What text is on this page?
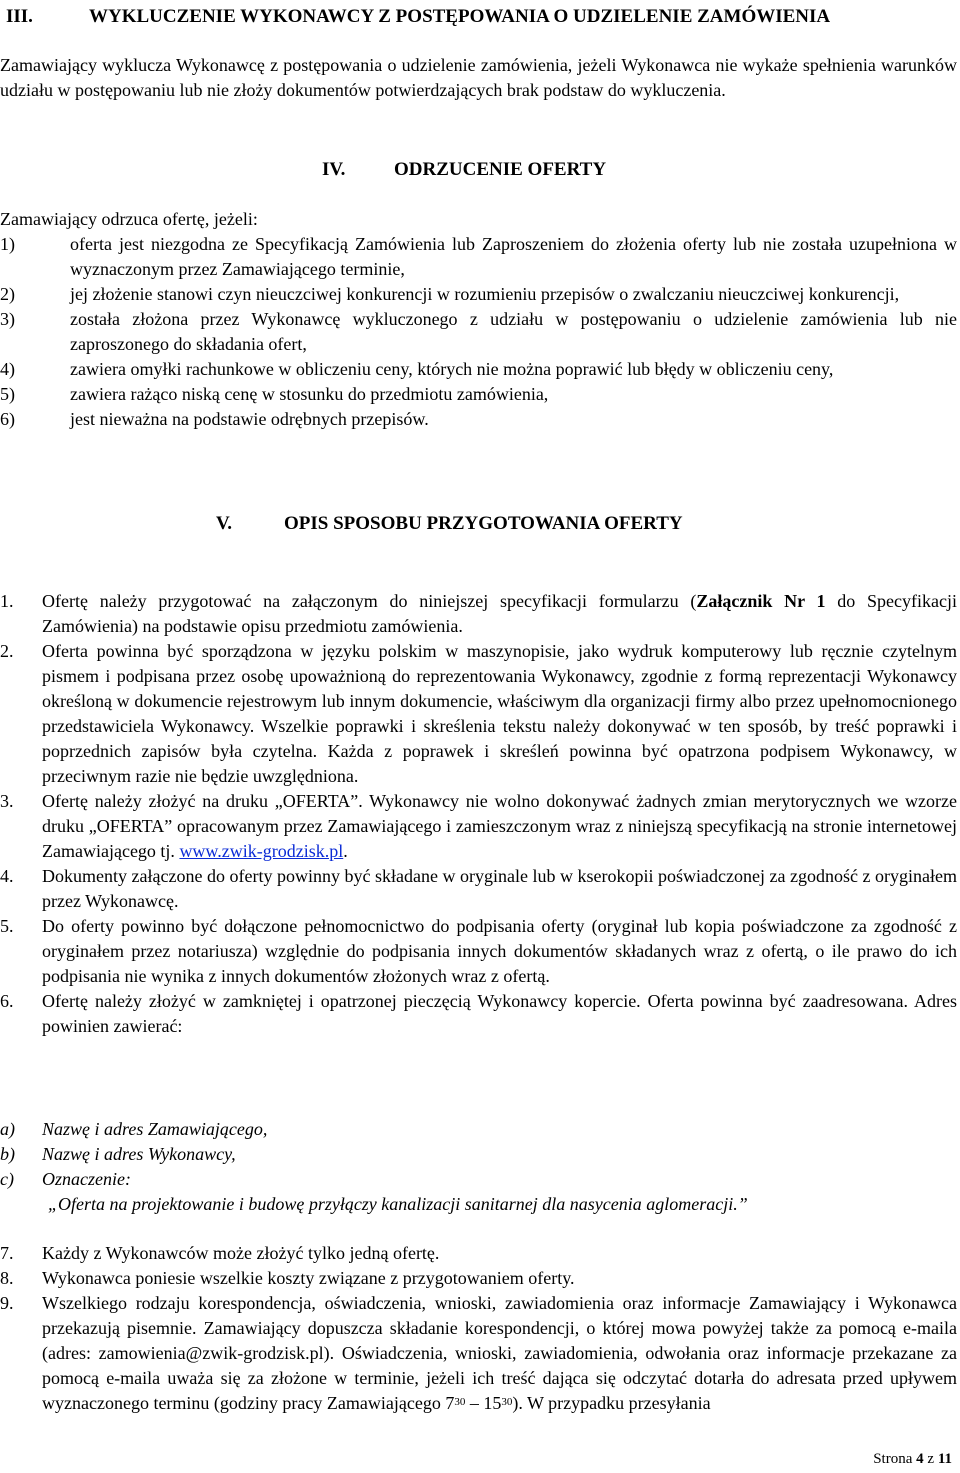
III.	WYKLUCZENIE WYKONAWCY Z POSTĘPOWANIA O UDZIELENIE ZAMÓWIENIA
Zamawiający wyklucza Wykonawcę z postępowania o udzielenie zamówienia, jeżeli Wykonawca nie wykaże spełnienia warunków udziału w postępowaniu lub nie złoży dokumentów potwierdzających brak podstaw do wykluczenia.
IV.	ODRZUCENIE OFERTY
Zamawiający odrzuca ofertę, jeżeli:
1)	oferta jest niezgodna ze Specyfikacją Zamówienia lub Zaproszeniem do złożenia oferty lub nie została uzupełniona w wyznaczonym przez Zamawiającego terminie,
2)	jej złożenie stanowi czyn nieuczciwej konkurencji w rozumieniu przepisów o zwalczaniu nieuczciwej konkurencji,
3)	została złożona przez Wykonawcę wykluczonego z udziału w postępowaniu o udzielenie zamówienia lub nie zaproszonego do składania ofert,
4)	zawiera omyłki rachunkowe w obliczeniu ceny, których nie można poprawić lub błędy w obliczeniu ceny,
5)	zawiera rażąco niską cenę w stosunku do przedmiotu zamówienia,
6)	jest nieważna na podstawie odrębnych przepisów.
V.	OPIS SPOSOBU PRZYGOTOWANIA OFERTY
1. Ofertę należy przygotować na załączonym do niniejszej specyfikacji formularzu (Załącznik Nr 1 do Specyfikacji Zamówienia) na podstawie opisu przedmiotu zamówienia.
2. Oferta powinna być sporządzona w języku polskim w maszynopisie, jako wydruk komputerowy lub ręcznie czytelnym pismem i podpisana przez osobę upoważnioną do reprezentowania Wykonawcy, zgodnie z formą reprezentacji Wykonawcy określoną w dokumencie rejestrowym lub innym dokumencie, właściwym dla organizacji firmy albo przez upełnomocnionego przedstawiciela Wykonawcy. Wszelkie poprawki i skreślenia tekstu należy dokonywać w ten sposób, by treść poprawki i poprzednich zapisów była czytelna. Każda z poprawek i skreśleń powinna być opatrzona podpisem Wykonawcy, w przeciwnym razie nie będzie uwzględniona.
3. Ofertę należy złożyć na druku „OFERTA”. Wykonawcy nie wolno dokonywać żadnych zmian merytorycznych we wzorze druku „OFERTA” opracowanym przez Zamawiającego i zamieszczonym wraz z niniejszą specyfikacją na stronie internetowej Zamawiającego tj. www.zwik-grodzisk.pl.
4. Dokumenty załączone do oferty powinny być składane w oryginale lub w kserokopii poświadczonej za zgodność z oryginałem przez Wykonawcę.
5. Do oferty powinno być dołączone pełnomocnictwo do podpisania oferty (oryginał lub kopia poświadczone za zgodność z oryginałem przez notariusza) względnie do podpisania innych dokumentów składanych wraz z ofertą, o ile prawo do ich podpisania nie wynika z innych dokumentów złożonych wraz z ofertą.
6. Ofertę należy złożyć w zamkniętej i opatrzonej pieczęcią Wykonawcy kopercie. Oferta powinna być zaadresowana. Adres powinien zawierać:
a) Nazwę i adres Zamawiającego,
b) Nazwę i adres Wykonawcy,
c) Oznaczenie:
„Oferta na projektowanie i budowę przyłączy kanalizacji sanitarnej dla nasycenia aglomeracji.”
7. Każdy z Wykonawców może złożyć tylko jedną ofertę.
8. Wykonawca poniesie wszelkie koszty związane z przygotowaniem oferty.
9. Wszelkiego rodzaju korespondencja, oświadczenia, wnioski, zawiadomienia oraz informacje Zamawiający i Wykonawca przekazują pisemnie. Zamawiający dopuszcza składanie korespondencji, o której mowa powyżej także za pomocą e-maila (adres: zamowienia@zwik-grodzisk.pl). Oświadczenia, wnioski, zawiadomienia, odwołania oraz informacje przekazane za pomocą e-maila uważa się za złożone w terminie, jeżeli ich treść dająca się odczytać dotarła do adresata przed upływem wyznaczonego terminu (godziny pracy Zamawiającego $7^{30} - 15^{30}$). W przypadku przesyłania
Strona 4 z 11
